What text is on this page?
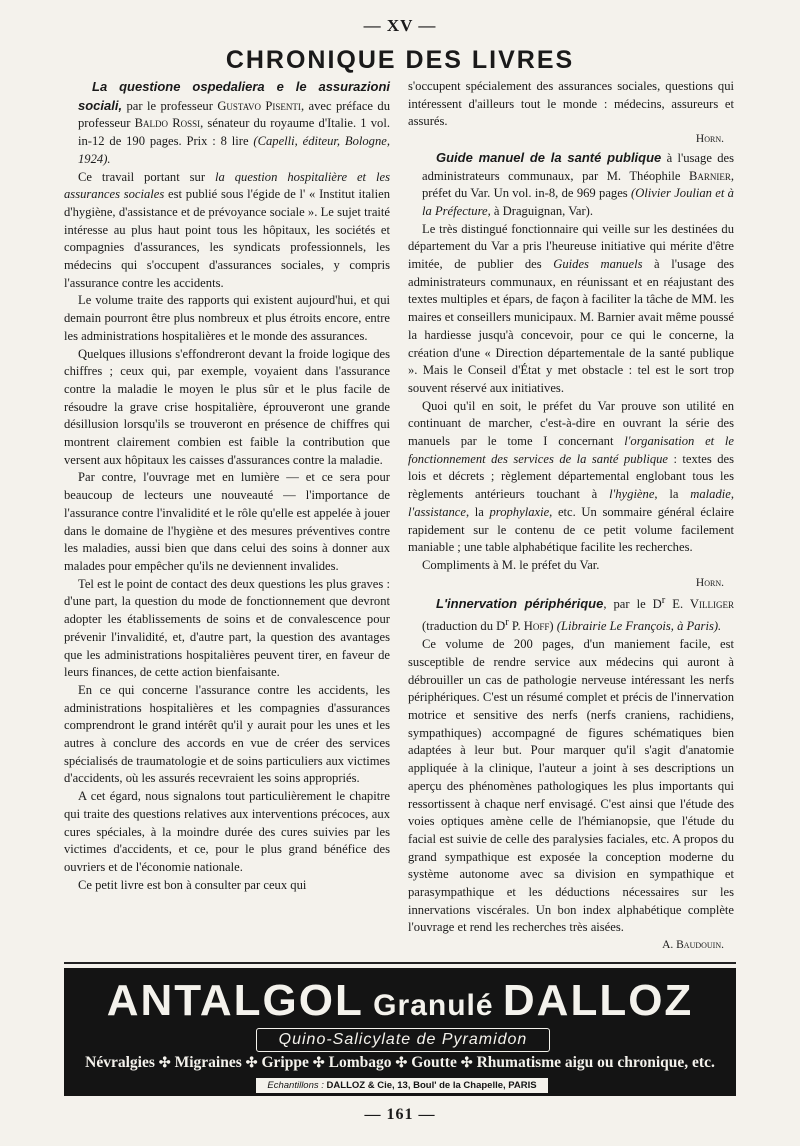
— XV —
CHRONIQUE DES LIVRES

La questione ospedaliera e le assurazioni sociali, par le professeur Gustavo Pisenti, avec préface du professeur Baldo Rossi, sénateur du royaume d'Italie. 1 vol. in-12 de 190 pages. Prix : 8 lire (Capelli, éditeur, Bologne, 1924).

Ce travail portant sur la question hospitalière et les assurances sociales est publié sous l'égide de l' « Institut italien d'hygiène, d'assistance et de prévoyance sociale ». Le sujet traité intéresse au plus haut point tous les hôpitaux, les sociétés et compagnies d'assurances, les syndicats professionnels, les médecins qui s'occupent d'assurances sociales, y compris l'assurance contre les accidents.

Le volume traite des rapports qui existent aujourd'hui, et qui demain pourront être plus nombreux et plus étroits encore, entre les administrations hospitalières et le monde des assurances.

Quelques illusions s'effondreront devant la froide logique des chiffres ; ceux qui, par exemple, voyaient dans l'assurance contre la maladie le moyen le plus sûr et le plus facile de résoudre la grave crise hospitalière, éprouveront une grande désillusion lorsqu'ils se trouveront en présence de chiffres qui montrent clairement combien est faible la contribution que versent aux hôpitaux les caisses d'assurances contre la maladie.

Par contre, l'ouvrage met en lumière — et ce sera pour beaucoup de lecteurs une nouveauté — l'importance de l'assurance contre l'invalidité et le rôle qu'elle est appelée à jouer dans le domaine de l'hygiène et des mesures préventives contre les maladies, aussi bien que dans celui des soins à donner aux malades pour empêcher qu'ils ne deviennent invalides.

Tel est le point de contact des deux questions les plus graves : d'une part, la question du mode de fonctionnement que devront adopter les établissements de soins et de convalescence pour prévenir l'invalidité, et, d'autre part, la question des avantages que les administrations hospitalières peuvent tirer, en faveur de leurs finances, de cette action bienfaisante.

En ce qui concerne l'assurance contre les accidents, les administrations hospitalières et les compagnies d'assurances comprendront le grand intérêt qu'il y aurait pour les unes et les autres à conclure des accords en vue de créer des services spécialisés de traumatologie et de soins particuliers aux victimes d'accidents, où les assurés recevraient les soins appropriés.

A cet égard, nous signalons tout particulièrement le chapitre qui traite des questions relatives aux interventions précoces, aux cures spéciales, à la moindre durée des cures suivies par les victimes d'accidents, et ce, pour le plus grand bénéfice des ouvriers et de l'économie nationale.

Ce petit livre est bon à consulter par ceux qui

s'occupent spécialement des assurances sociales, questions qui intéressent d'ailleurs tout le monde : médecins, assureurs et assurés.

Horn.

Guide manuel de la santé publique à l'usage des administrateurs communaux, par M. Théophile Barnier, préfet du Var. Un vol. in-8, de 969 pages (Olivier Joulian et à la Préfecture, à Draguignan, Var).

Le très distingué fonctionnaire qui veille sur les destinées du département du Var a pris l'heureuse initiative qui mérite d'être imitée, de publier des Guides manuels à l'usage des administrateurs communaux, en réunissant et en réajustant des textes multiples et épars, de façon à faciliter la tâche de MM. les maires et conseillers municipaux. M. Barnier avait même poussé la hardiesse jusqu'à concevoir, pour ce qui le concerne, la création d'une « Direction départementale de la santé publique ». Mais le Conseil d'État y met obstacle : tel est le sort trop souvent réservé aux initiatives.

Quoi qu'il en soit, le préfet du Var prouve son utilité en continuant de marcher, c'est-à-dire en ouvrant la série des manuels par le tome I concernant l'organisation et le fonctionnement des services de la santé publique : textes des lois et décrets ; règlement départemental englobant tous les règlements antérieurs touchant à l'hygiène, la maladie, l'assistance, la prophylaxie, etc. Un sommaire général éclaire rapidement sur le contenu de ce petit volume facilement maniable ; une table alphabétique facilite les recherches.

Compliments à M. le préfet du Var.

Horn.

L'innervation périphérique, par le $D^r$ E. Villiger (traduction du $D^r$ P. Hoff) (Librairie Le François, à Paris).

Ce volume de 200 pages, d'un maniement facile, est susceptible de rendre service aux médecins qui auront à débrouiller un cas de pathologie nerveuse intéressant les nerfs périphériques. C'est un résumé complet et précis de l'innervation motrice et sensitive des nerfs (nerfs craniens, rachidiens, sympathiques) accompagné de figures schématiques bien adaptées à leur but. Pour marquer qu'il s'agit d'anatomie appliquée à la clinique, l'auteur a joint à ses descriptions un aperçu des phénomènes pathologiques les plus importants qui ressortissent à chaque nerf envisagé. C'est ainsi que l'étude des voies optiques amène celle de l'hémianopsie, que l'étude du facial est suivie de celle des paralysies faciales, etc. A propos du grand sympathique est exposée la conception moderne du système autonome avec sa division en sympathique et parasympathique et les déductions nécessaires sur les innervations viscérales. Un bon index alphabétique complète l'ouvrage et rend les recherches très aisées.

A. Baudouin.
ANTALGOL Granulé DALLOZ
Quino-Salicylate de Pyramidon
Névralgies ✣ Migraines ✣ Grippe ✣ Lombago ✣ Goutte ✣ Rhumatisme aigu ou chronique, etc.
Echantillons : DALLOZ & Cie, 13, Boul' de la Chapelle, PARIS
— 161 —
